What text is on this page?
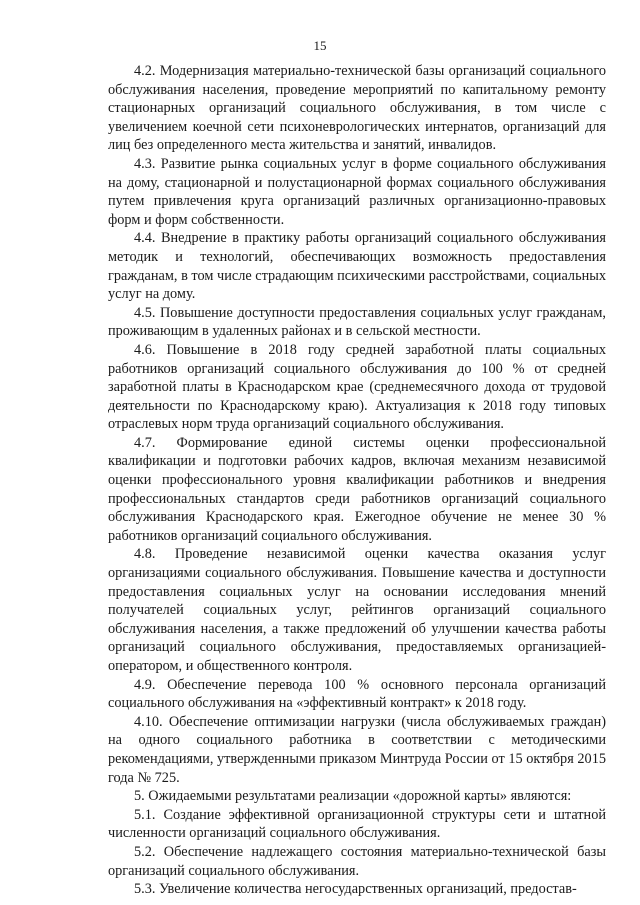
15

4.2. Модернизация материально-технической базы организаций социального обслуживания населения, проведение мероприятий по капитальному ремонту стационарных организаций социального обслуживания, в том числе с увеличением коечной сети психоневрологических интернатов, организаций для лиц без определенного места жительства и занятий, инвалидов.

4.3. Развитие рынка социальных услуг в форме социального обслуживания на дому, стационарной и полустационарной формах социального обслуживания путем привлечения круга организаций различных организационно-правовых форм и форм собственности.

4.4. Внедрение в практику работы организаций социального обслуживания методик и технологий, обеспечивающих возможность предоставления гражданам, в том числе страдающим психическими расстройствами, социальных услуг на дому.

4.5. Повышение доступности предоставления социальных услуг гражданам, проживающим в удаленных районах и в сельской местности.

4.6. Повышение в 2018 году средней заработной платы социальных работников организаций социального обслуживания до 100 % от средней заработной платы в Краснодарском крае (среднемесячного дохода от трудовой деятельности по Краснодарскому краю). Актуализация к 2018 году типовых отраслевых норм труда организаций социального обслуживания.

4.7. Формирование единой системы оценки профессиональной квалификации и подготовки рабочих кадров, включая механизм независимой оценки профессионального уровня квалификации работников и внедрения профессиональных стандартов среди работников организаций социального обслуживания Краснодарского края. Ежегодное обучение не менее 30 % работников организаций социального обслуживания.

4.8. Проведение независимой оценки качества оказания услуг организациями социального обслуживания. Повышение качества и доступности предоставления социальных услуг на основании исследования мнений получателей социальных услуг, рейтингов организаций социального обслуживания населения, а также предложений об улучшении качества работы организаций социального обслуживания, предоставляемых организацией-оператором, и общественного контроля.

4.9. Обеспечение перевода 100 % основного персонала организаций социального обслуживания на «эффективный контракт» к 2018 году.

4.10. Обеспечение оптимизации нагрузки (числа обслуживаемых граждан) на одного социального работника в соответствии с методическими рекомендациями, утвержденными приказом Минтруда России от 15 октября 2015 года № 725.

5. Ожидаемыми результатами реализации «дорожной карты» являются:

5.1. Создание эффективной организационной структуры сети и штатной численности организаций социального обслуживания.

5.2. Обеспечение надлежащего состояния материально-технической базы организаций социального обслуживания.

5.3. Увеличение количества негосударственных организаций, предостав-
